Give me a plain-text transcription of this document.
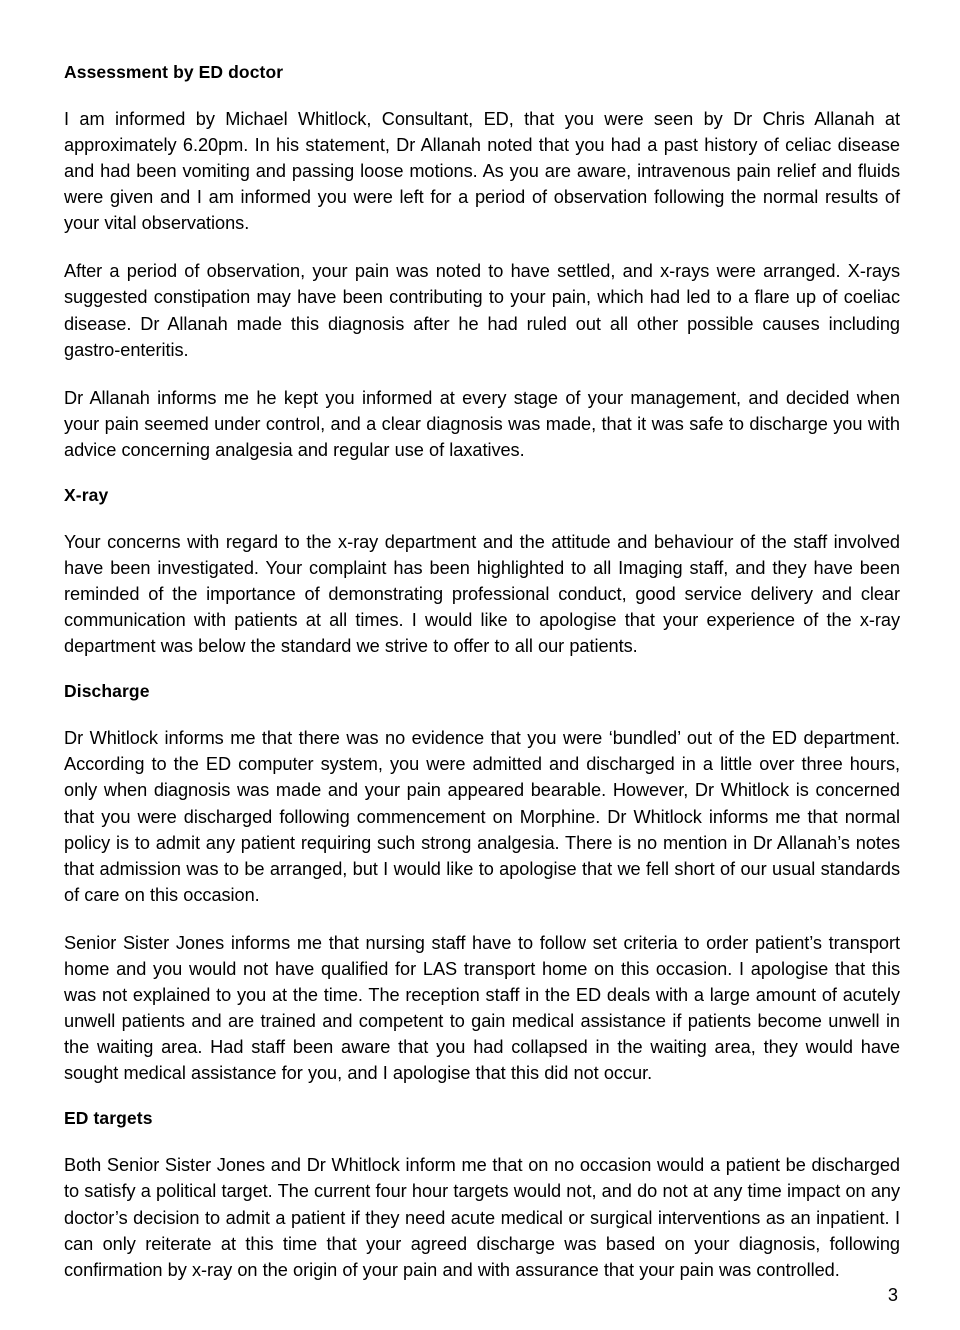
Assessment by ED doctor

I am informed by Michael Whitlock, Consultant, ED, that you were seen by Dr Chris Allanah at approximately 6.20pm. In his statement, Dr Allanah noted that you had a past history of celiac disease and had been vomiting and passing loose motions. As you are aware, intravenous pain relief and fluids were given and I am informed you were left for a period of observation following the normal results of your vital observations.

After a period of observation, your pain was noted to have settled, and x-rays were arranged. X-rays suggested constipation may have been contributing to your pain, which had led to a flare up of coeliac disease. Dr Allanah made this diagnosis after he had ruled out all other possible causes including gastro-enteritis.

Dr Allanah informs me he kept you informed at every stage of your management, and decided when your pain seemed under control, and a clear diagnosis was made, that it was safe to discharge you with advice concerning analgesia and regular use of laxatives.

X-ray

Your concerns with regard to the x-ray department and the attitude and behaviour of the staff involved have been investigated. Your complaint has been highlighted to all Imaging staff, and they have been reminded of the importance of demonstrating professional conduct, good service delivery and clear communication with patients at all times. I would like to apologise that your experience of the x-ray department was below the standard we strive to offer to all our patients.

Discharge

Dr Whitlock informs me that there was no evidence that you were ‘bundled’ out of the ED department. According to the ED computer system, you were admitted and discharged in a little over three hours, only when diagnosis was made and your pain appeared bearable. However, Dr Whitlock is concerned that you were discharged following commencement on Morphine. Dr Whitlock informs me that normal policy is to admit any patient requiring such strong analgesia. There is no mention in Dr Allanah’s notes that admission was to be arranged, but I would like to apologise that we fell short of our usual standards of care on this occasion.

Senior Sister Jones informs me that nursing staff have to follow set criteria to order patient’s transport home and you would not have qualified for LAS transport home on this occasion. I apologise that this was not explained to you at the time. The reception staff in the ED deals with a large amount of acutely unwell patients and are trained and competent to gain medical assistance if patients become unwell in the waiting area. Had staff been aware that you had collapsed in the waiting area, they would have sought medical assistance for you, and I apologise that this did not occur.

ED targets

Both Senior Sister Jones and Dr Whitlock inform me that on no occasion would a patient be discharged to satisfy a political target. The current four hour targets would not, and do not at any time impact on any doctor’s decision to admit a patient if they need acute medical or surgical interventions as an inpatient. I can only reiterate at this time that your agreed discharge was based on your diagnosis, following confirmation by x-ray on the origin of your pain and with assurance that your pain was controlled.

3
